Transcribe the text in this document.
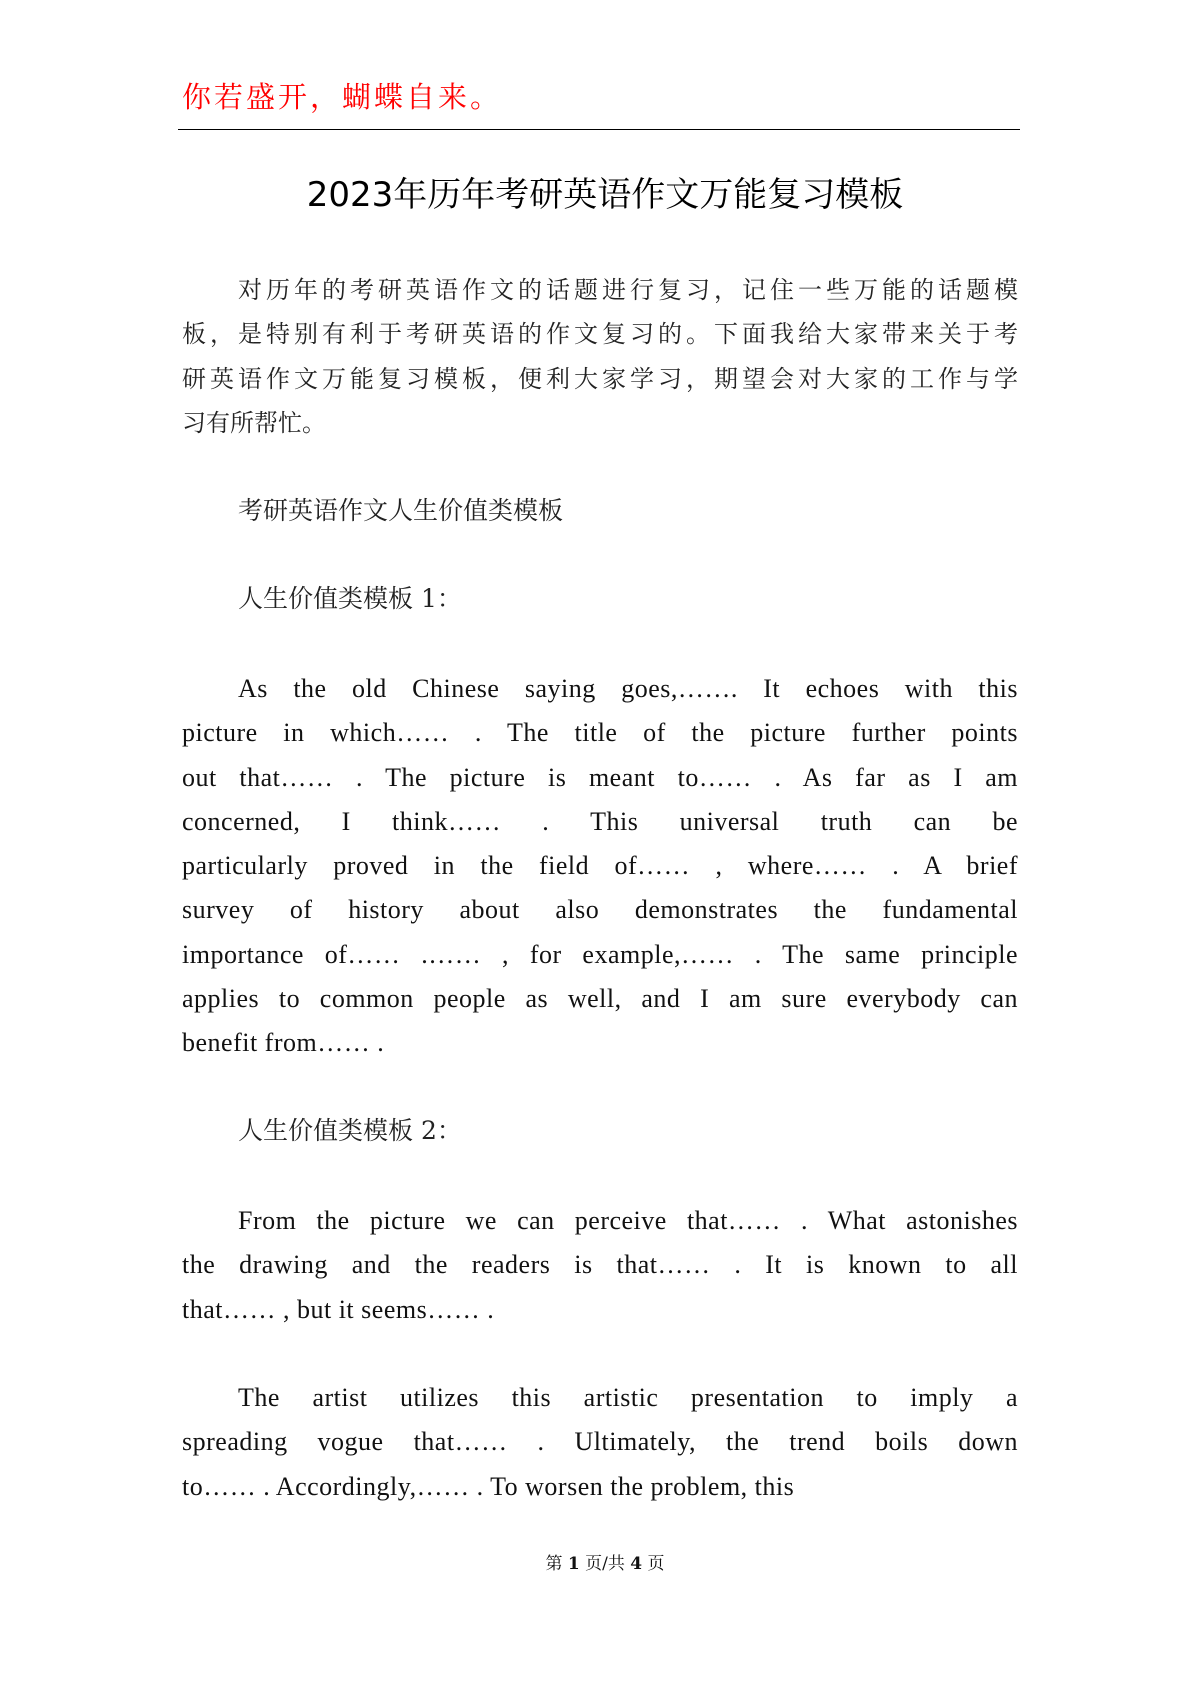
你若盛开，蝴蝶自来。
2023年历年考研英语作文万能复习模板
对历年的考研英语作文的话题进行复习，记住一些万能的话题模
板，是特别有利于考研英语的作文复习的。下面我给大家带来关于考
研英语作文万能复习模板，便利大家学习，期望会对大家的工作与学
习有所帮忙。
考研英语作文人生价值类模板
人生价值类模板 1：
As the old Chinese saying goes,……. It echoes with this
picture in which…… . The title of the picture further points
out that…… . The picture is meant to…… . As far as I am
concerned, I think…… . This universal truth can be
particularly proved in the field of…… , where…… . A brief
survey of history about also demonstrates the fundamental
importance of…… .…… , for example,…… . The same principle
applies to common people as well, and I am sure everybody can
benefit from…… .
人生价值类模板 2：
From the picture we can perceive that…… . What astonishes
the drawing and the readers is that…… . It is known to all
that…… , but it seems…… .
The artist utilizes this artistic presentation to imply a
spreading vogue that…… . Ultimately, the trend boils down
to…… . Accordingly,…… . To worsen the problem, this
第 1 页/共 4 页
